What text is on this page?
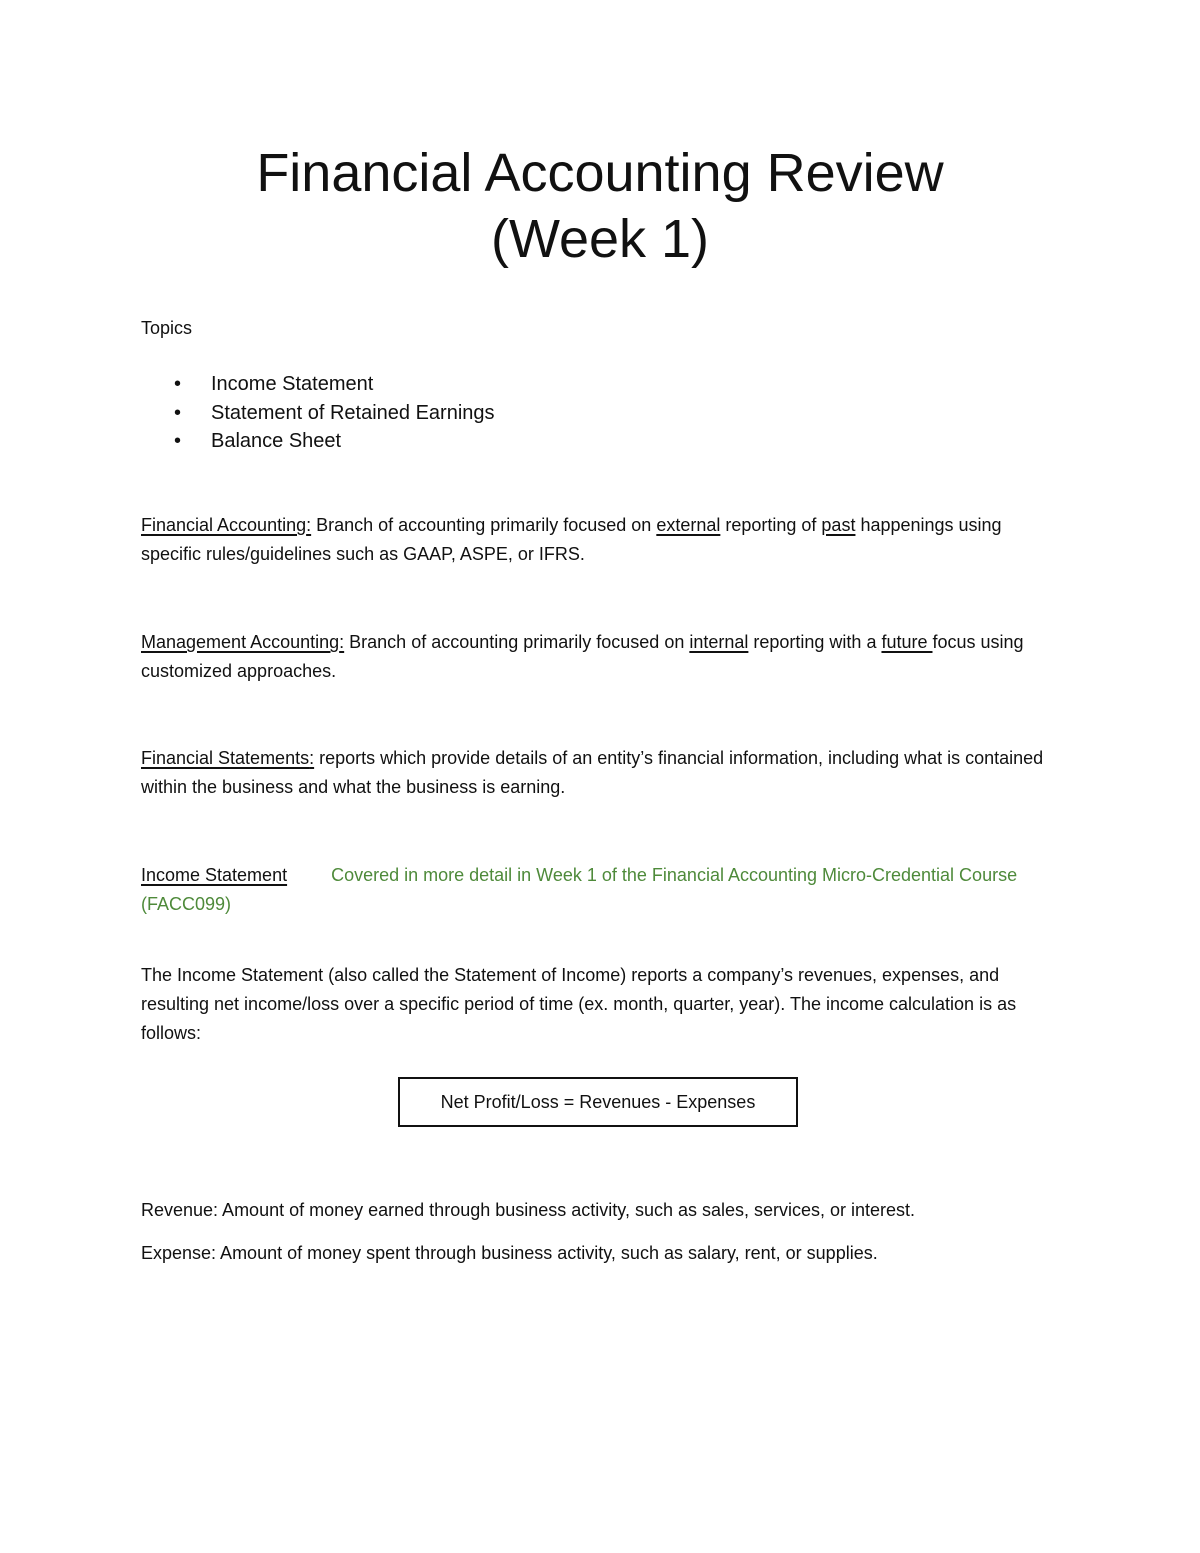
Financial Accounting Review
(Week 1)

Topics

• Income Statement
• Statement of Retained Earnings
• Balance Sheet

Financial Accounting: Branch of accounting primarily focused on external reporting of past happenings using specific rules/guidelines such as GAAP, ASPE, or IFRS.

Management Accounting: Branch of accounting primarily focused on internal reporting with a future focus using customized approaches.

Financial Statements: reports which provide details of an entity’s financial information, including what is contained within the business and what the business is earning.

Income Statement Covered in more detail in Week 1 of the Financial Accounting Micro-Credential Course (FACC099)

The Income Statement (also called the Statement of Income) reports a company’s revenues, expenses, and resulting net income/loss over a specific period of time (ex. month, quarter, year). The income calculation is as follows:

Net Profit/Loss = Revenues - Expenses

Revenue: Amount of money earned through business activity, such as sales, services, or interest.

Expense: Amount of money spent through business activity, such as salary, rent, or supplies.
